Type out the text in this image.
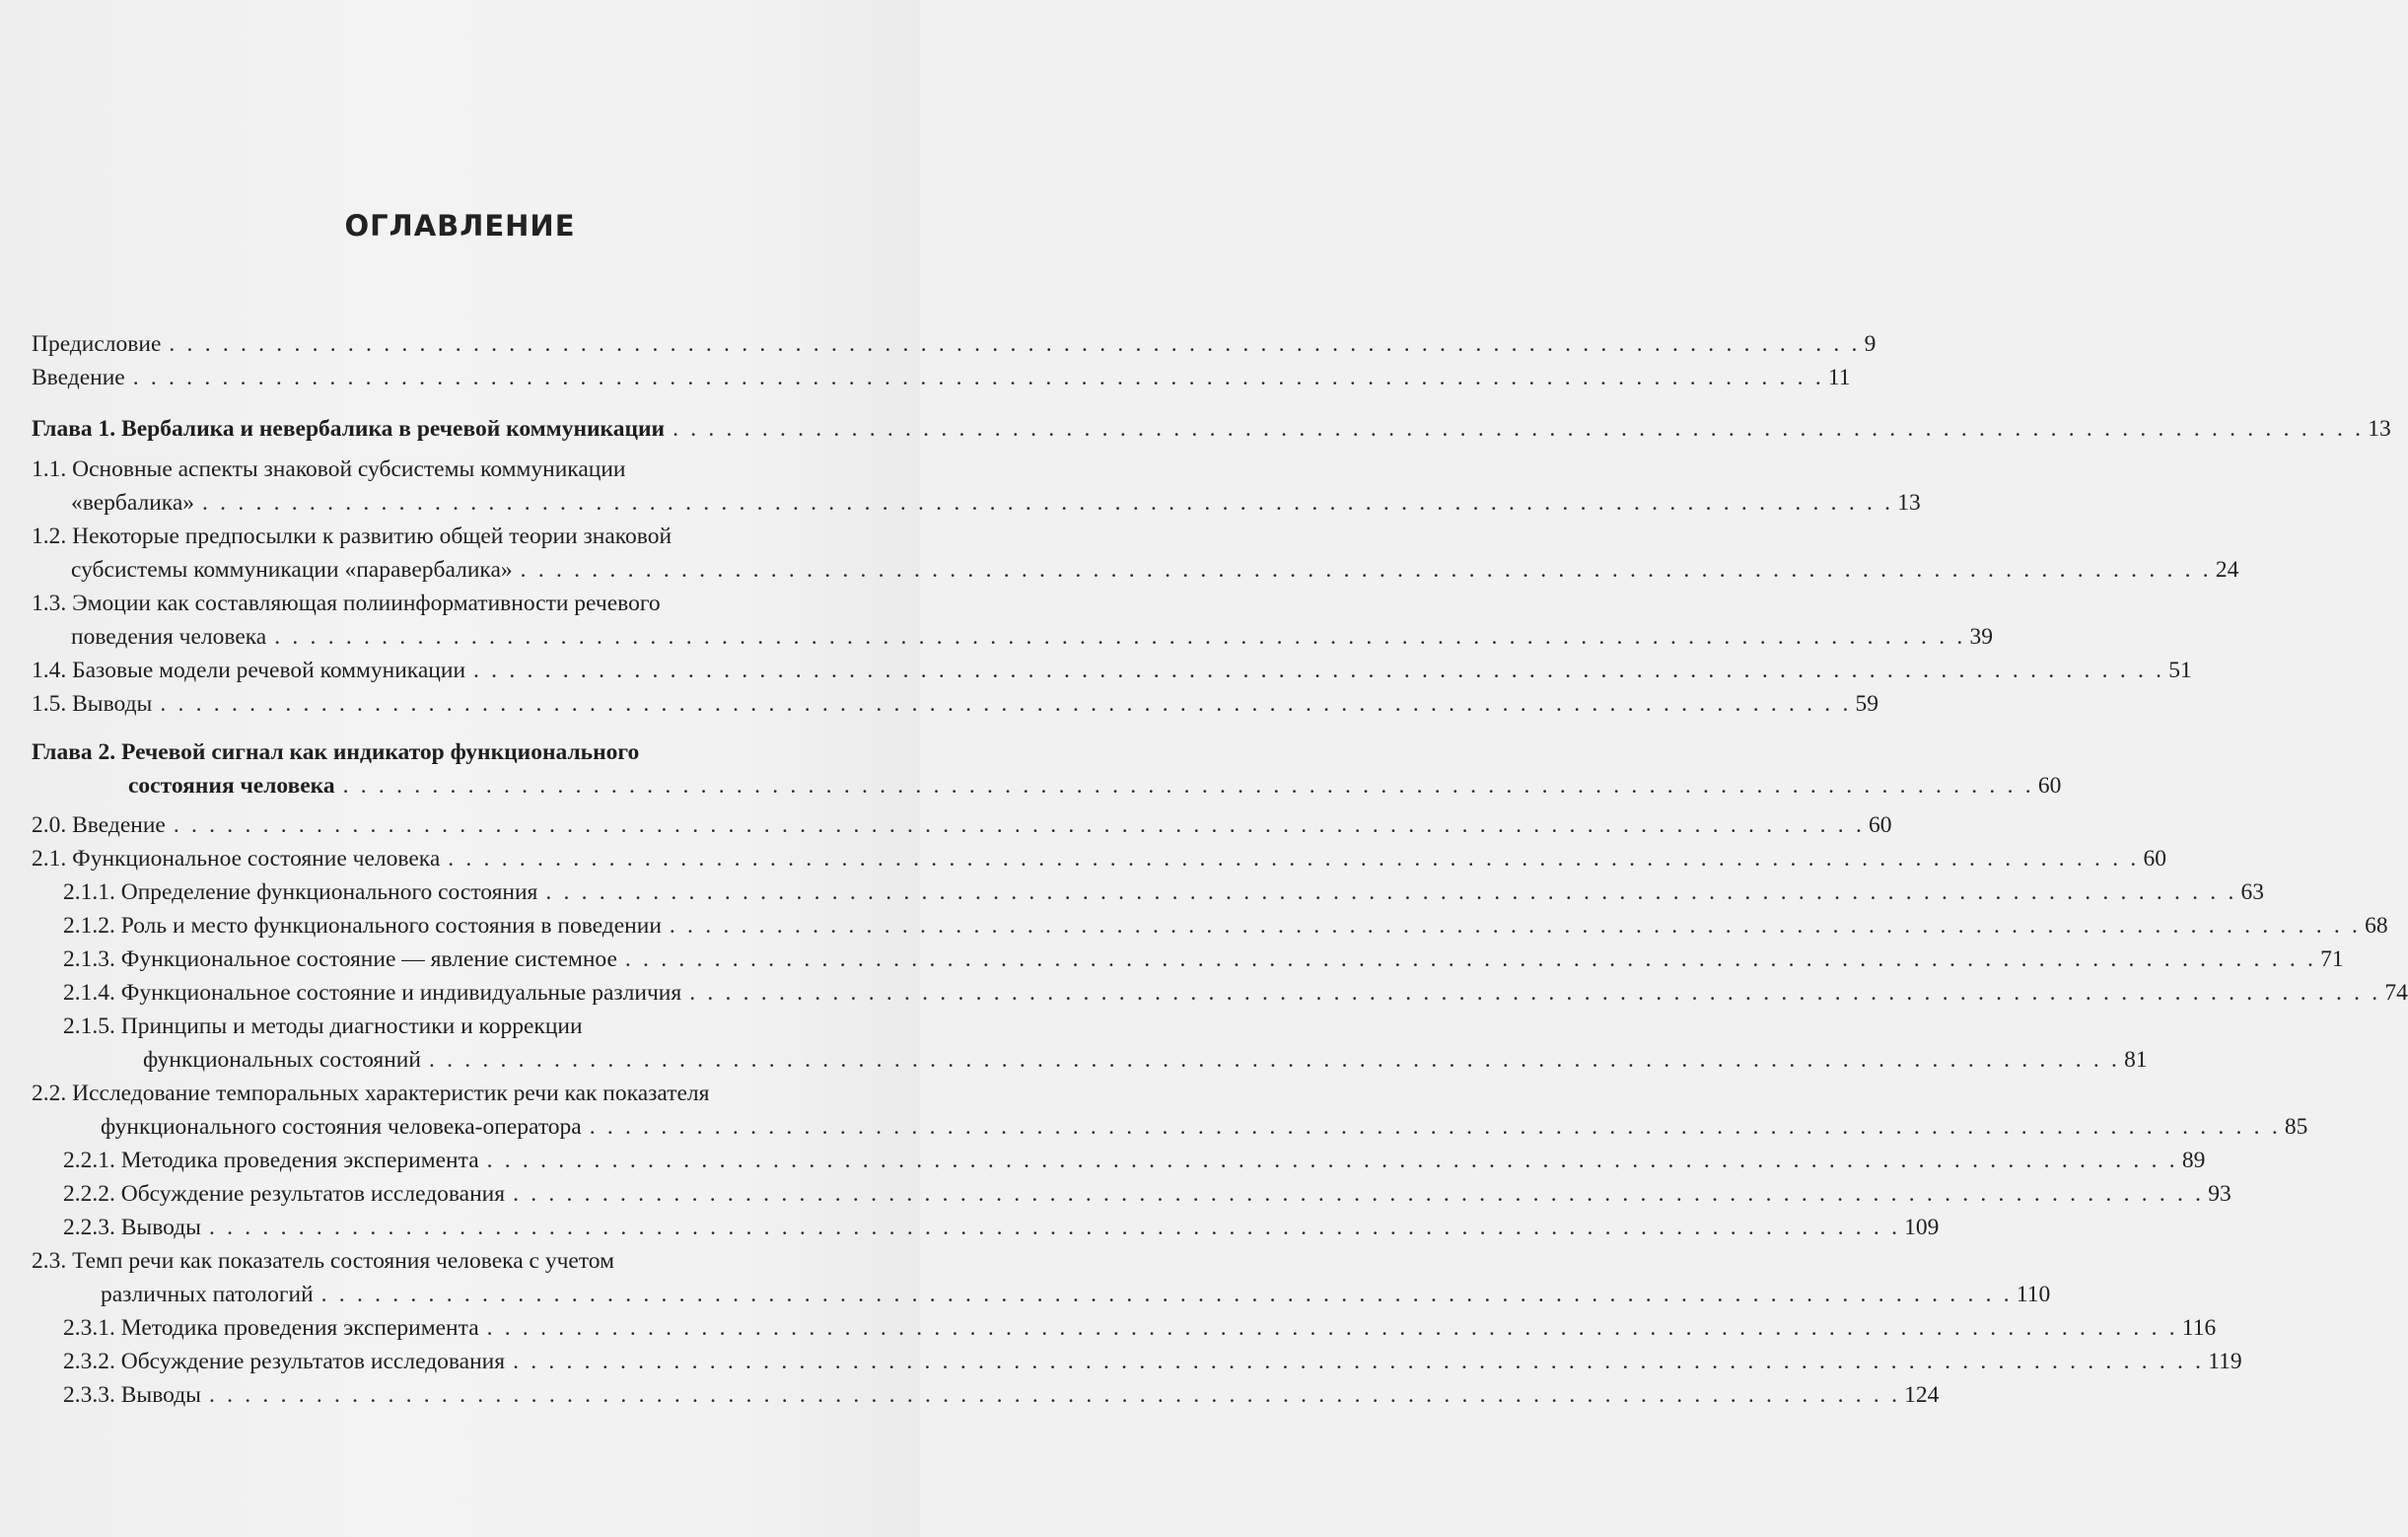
ОГЛАВЛЕНИЕ
Предисловие . . . . . . . . . . . . . . . . . . . . . . . . . . . . . . . . . . . . . . . . . . . . . . . . . . . . . . . . . . . . . . . . . . . . . . . . . . . . . . . . . . . . . . . . . . . . . . . 9
Введение . . . . . . . . . . . . . . . . . . . . . . . . . . . . . . . . . . . . . . . . . . . . . . . . . . . . . . . . . . . . . . . . . . . . . . . . . . . . . . . . . . . . . . . . . . . . . . . 11
Глава 1. Вербалика и невербалика в речевой коммуникации . . . . . . . . . . . . . . . . . . . . . . . . . . . . . . . . . . . . . . . . . . . . . . . . . . . . . . . . . . . . . . . . . . . . . . . . . . . . . . . . . . . . . . . . . . . . . . . 13
1.1. Основные аспекты знаковой субсистемы коммуникации
«вербалика» . . . . . . . . . . . . . . . . . . . . . . . . . . . . . . . . . . . . . . . . . . . . . . . . . . . . . . . . . . . . . . . . . . . . . . . . . . . . . . . . . . . . . . . . . . . . . . . 13
1.2. Некоторые предпосылки к развитию общей теории знаковой
субсистемы коммуникации «паравербалика» . . . . . . . . . . . . . . . . . . . . . . . . . . . . . . . . . . . . . . . . . . . . . . . . . . . . . . . . . . . . . . . . . . . . . . . . . . . . . . . . . . . . . . . . . . . . . . . 24
1.3. Эмоции как составляющая полиинформативности речевого
поведения человека . . . . . . . . . . . . . . . . . . . . . . . . . . . . . . . . . . . . . . . . . . . . . . . . . . . . . . . . . . . . . . . . . . . . . . . . . . . . . . . . . . . . . . . . . . . . . . . 39
1.4. Базовые модели речевой коммуникации . . . . . . . . . . . . . . . . . . . . . . . . . . . . . . . . . . . . . . . . . . . . . . . . . . . . . . . . . . . . . . . . . . . . . . . . . . . . . . . . . . . . . . . . . . . . . . . 51
1.5. Выводы . . . . . . . . . . . . . . . . . . . . . . . . . . . . . . . . . . . . . . . . . . . . . . . . . . . . . . . . . . . . . . . . . . . . . . . . . . . . . . . . . . . . . . . . . . . . . . . 59
Глава 2. Речевой сигнал как индикатор функционального
состояния человека . . . . . . . . . . . . . . . . . . . . . . . . . . . . . . . . . . . . . . . . . . . . . . . . . . . . . . . . . . . . . . . . . . . . . . . . . . . . . . . . . . . . . . . . . . . . . . . 60
2.0. Введение . . . . . . . . . . . . . . . . . . . . . . . . . . . . . . . . . . . . . . . . . . . . . . . . . . . . . . . . . . . . . . . . . . . . . . . . . . . . . . . . . . . . . . . . . . . . . . . 60
2.1. Функциональное состояние человека . . . . . . . . . . . . . . . . . . . . . . . . . . . . . . . . . . . . . . . . . . . . . . . . . . . . . . . . . . . . . . . . . . . . . . . . . . . . . . . . . . . . . . . . . . . . . . . 60
2.1.1. Определение функционального состояния . . . . . . . . . . . . . . . . . . . . . . . . . . . . . . . . . . . . . . . . . . . . . . . . . . . . . . . . . . . . . . . . . . . . . . . . . . . . . . . . . . . . . . . . . . . . . . . 63
2.1.2. Роль и место функционального состояния в поведении . . . . . . . . . . . . . . . . . . . . . . . . . . . . . . . . . . . . . . . . . . . . . . . . . . . . . . . . . . . . . . . . . . . . . . . . . . . . . . . . . . . . . . . . . . . . . . . 68
2.1.3. Функциональное состояние — явление системное . . . . . . . . . . . . . . . . . . . . . . . . . . . . . . . . . . . . . . . . . . . . . . . . . . . . . . . . . . . . . . . . . . . . . . . . . . . . . . . . . . . . . . . . . . . . . . . 71
2.1.4. Функциональное состояние и индивидуальные различия . . . . . . . . . . . . . . . . . . . . . . . . . . . . . . . . . . . . . . . . . . . . . . . . . . . . . . . . . . . . . . . . . . . . . . . . . . . . . . . . . . . . . . . . . . . . . . . 74
2.1.5. Принципы и методы диагностики и коррекции
функциональных состояний . . . . . . . . . . . . . . . . . . . . . . . . . . . . . . . . . . . . . . . . . . . . . . . . . . . . . . . . . . . . . . . . . . . . . . . . . . . . . . . . . . . . . . . . . . . . . . . 81
2.2. Исследование темпоральных характеристик речи как показателя
функционального состояния человека-оператора . . . . . . . . . . . . . . . . . . . . . . . . . . . . . . . . . . . . . . . . . . . . . . . . . . . . . . . . . . . . . . . . . . . . . . . . . . . . . . . . . . . . . . . . . . . . . . . 85
2.2.1. Методика проведения эксперимента . . . . . . . . . . . . . . . . . . . . . . . . . . . . . . . . . . . . . . . . . . . . . . . . . . . . . . . . . . . . . . . . . . . . . . . . . . . . . . . . . . . . . . . . . . . . . . . 89
2.2.2. Обсуждение результатов исследования . . . . . . . . . . . . . . . . . . . . . . . . . . . . . . . . . . . . . . . . . . . . . . . . . . . . . . . . . . . . . . . . . . . . . . . . . . . . . . . . . . . . . . . . . . . . . . . 93
2.2.3. Выводы . . . . . . . . . . . . . . . . . . . . . . . . . . . . . . . . . . . . . . . . . . . . . . . . . . . . . . . . . . . . . . . . . . . . . . . . . . . . . . . . . . . . . . . . . . . . . . . 109
2.3. Темп речи как показатель состояния человека с учетом
различных патологий . . . . . . . . . . . . . . . . . . . . . . . . . . . . . . . . . . . . . . . . . . . . . . . . . . . . . . . . . . . . . . . . . . . . . . . . . . . . . . . . . . . . . . . . . . . . . . . 110
2.3.1. Методика проведения эксперимента . . . . . . . . . . . . . . . . . . . . . . . . . . . . . . . . . . . . . . . . . . . . . . . . . . . . . . . . . . . . . . . . . . . . . . . . . . . . . . . . . . . . . . . . . . . . . . . 116
2.3.2. Обсуждение результатов исследования . . . . . . . . . . . . . . . . . . . . . . . . . . . . . . . . . . . . . . . . . . . . . . . . . . . . . . . . . . . . . . . . . . . . . . . . . . . . . . . . . . . . . . . . . . . . . . . 119
2.3.3. Выводы . . . . . . . . . . . . . . . . . . . . . . . . . . . . . . . . . . . . . . . . . . . . . . . . . . . . . . . . . . . . . . . . . . . . . . . . . . . . . . . . . . . . . . . . . . . . . . . 124
